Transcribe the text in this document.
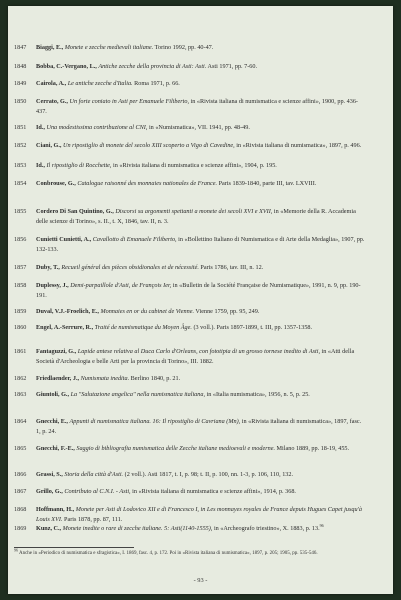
1847	Biaggi, E., Monete e zecche medievali italiane. Torino 1992, pp. 40-47.
1848	Bobba, C.-Vergano, L., Antiche zecche della provincia di Asti: Asti. Asti 1971, pp. 7-60.
1849	Cairola, A., Le antiche zecche d'Italia. Roma 1971, p. 66.
1850	Cerrato, G., Un forte coniato in Asti per Emanuele Filiberto, in «Rivista italiana di numismatica e scienze affini», 1900, pp. 436-437.
1851	Id., Una modestissima contribuzione al CNI, in «Numismatica», VII. 1941, pp. 48-49.
1852	Ciani, G., Un ripostiglio di monete del secolo XIII scoperto a Vigo di Cavedine, in «Rivista italiana di numismatica», 1897, p. 496.
1853	Id., Il ripostiglio di Rocchette, in «Rivista italiana di numismatica e scienze affini», 1904, p. 195.
1854	Conbrouse, G., Catalogue raisonné des monnaies nationales de France. Paris 1839-1840, parte III, tav. LXVIII.
1855	Cordero Di San Quintino, G., Discorsi su argomenti spettanti a monete dei secoli XVI e XVII, in «Memorie della R. Accademia delle scienze di Torino», s. II., t. X, 1846, tav. II, n. 3.
1856	Cunietti Cunietti, A., Cavallotto di Emanuele Filiberto, in «Bollettino Italiano di Numismatica e di Arte della Medaglia», 1907, pp. 132-133.
1857	Duby, T., Recueil général des pièces obsidionales et de nécessité. Paris 1786, tav. III, n. 12.
1858	Duplessy, J., Demi-parpaillole d'Asti, de François Ier, in «Bulletin de la Société Française de Numismatique», 1991, n. 9, pp. 190-191.
1859	Duval, V.J.-Froelich, E., Monnaies en or du cabinet de Vienne. Vienne 1759, pp. 95, 249.
1860	Engel, A.-Serrure, R., Traité de numismatique du Moyen Âge. (3 voll.). Paris 1897-1899, t. III, pp. 1357-1358.
1861	Fantaguzzi, G., Lapide antese relativa al Duca Carlo d'Orleans, con fototipia di un grosso tornese inedito di Asti, in «Atti della Società d'Archeologia e belle Arti per la provincia di Torino», III. 1882.
1862	Friedlaender, J., Numismata inedita. Berlino 1840, p. 21.
1863	Giuntoli, G., La "Salutazione angelica" nella numismatica italiana, in «Italia numismatica», 1956, n. 5, p. 25.
1864	Gnecchi, E., Appunti di numismatica italiana. 16: Il ripostiglio di Cavriana (Mn), in «Rivista italiana di numismatica», 1897, fasc. 1, p. 24.
1865	Gnecchi, F.-E., Saggio di bibliografia numismatica delle Zecche italiane medioevali e moderne. Milano 1889, pp. 18-19, 455.
1866	Grassi, S., Storia della città d'Asti. (2 voll.). Asti 1817, t. I, p. 98; t. II, p. 100, nn. 1-3, p. 106, 110, 132.
1867	Grillo, G., Contributo al C.N.I. - Asti, in «Rivista italiana di numismatica e scienze affini», 1914, p. 368.
1868	Hoffmann, H., Monete per Asti di Lodovico XII e di Francesco I, in Les monnayes royales de France depuis Hugues Capet jusqu'à Louis XVI. Paris 1878, pp. 87, 111.
1869	Kunz, C., Monete inedite o rare di zecche italiane. 5: Asti(1140-1555), in «Archeografo triestino», X. 1883, p. 13.96
$^{96}$ Anche in «Periodico di numismatica e sfragistica», I. 1869, fasc. 4, p. 172. Poi in «Rivista italiana di numismatica», 1897, p. 205; 1905, pp. 535-546.
- 93 -
